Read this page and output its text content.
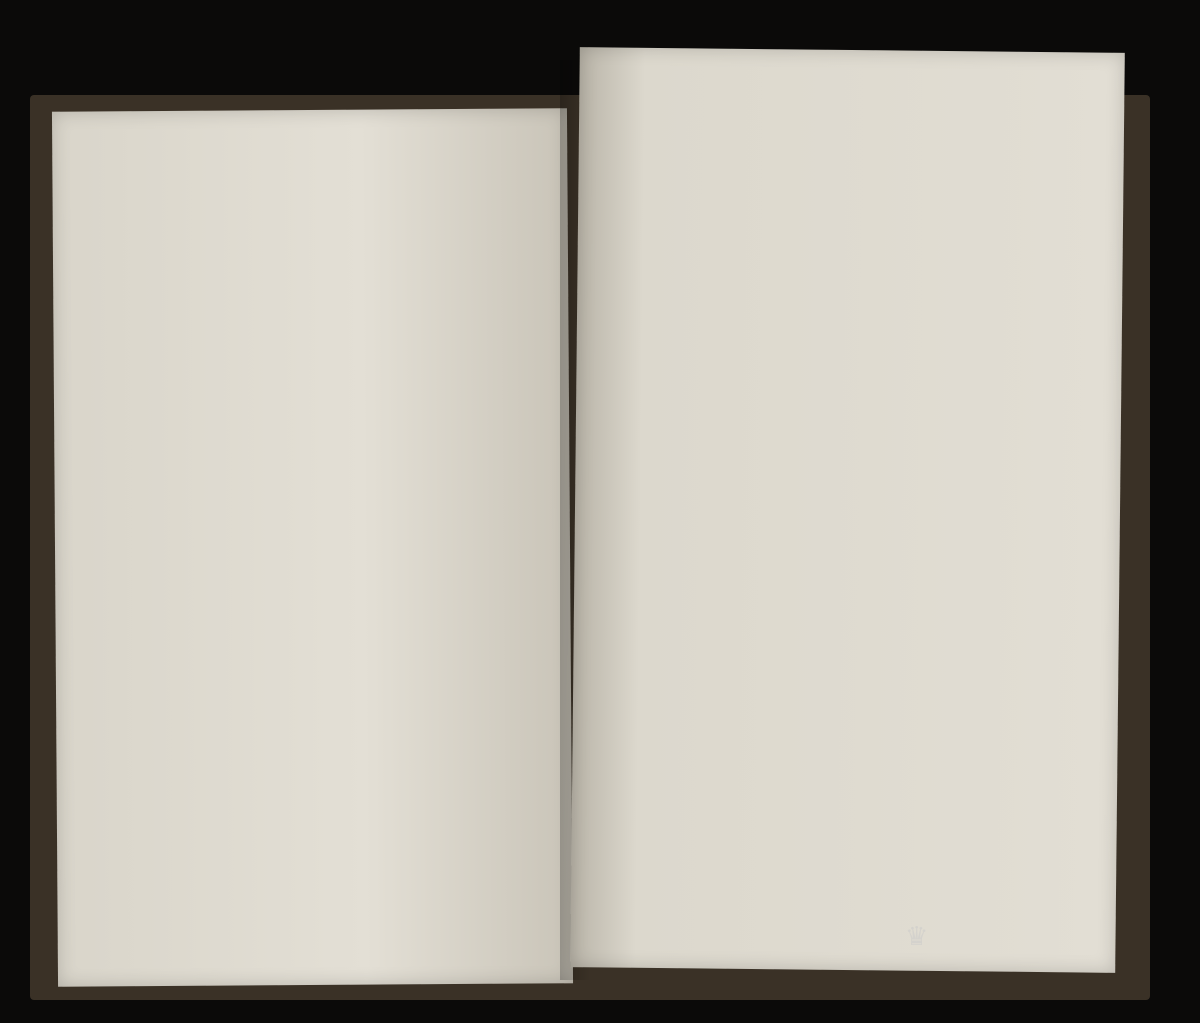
♛
